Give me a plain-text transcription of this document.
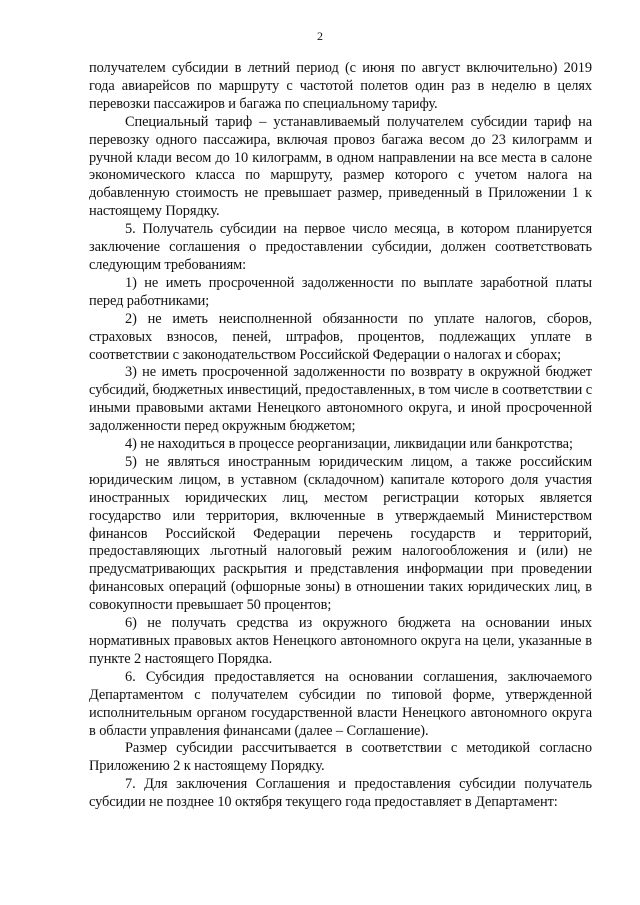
2

получателем субсидии в летний период (с июня по август включительно) 2019 года авиарейсов по маршруту с частотой полетов один раз в неделю в целях перевозки пассажиров и багажа по специальному тарифу.

Специальный тариф – устанавливаемый получателем субсидии тариф на перевозку одного пассажира, включая провоз багажа весом до 23 килограмм и ручной клади весом до 10 килограмм, в одном направлении на все места в салоне экономического класса по маршруту, размер которого с учетом налога на добавленную стоимость не превышает размер, приведенный в Приложении 1 к настоящему Порядку.

5. Получатель субсидии на первое число месяца, в котором планируется заключение соглашения о предоставлении субсидии, должен соответствовать следующим требованиям:

1) не иметь просроченной задолженности по выплате заработной платы перед работниками;

2) не иметь неисполненной обязанности по уплате налогов, сборов, страховых взносов, пеней, штрафов, процентов, подлежащих уплате в соответствии с законодательством Российской Федерации о налогах и сборах;

3) не иметь просроченной задолженности по возврату в окружной бюджет субсидий, бюджетных инвестиций, предоставленных, в том числе в соответствии с иными правовыми актами Ненецкого автономного округа, и иной просроченной задолженности перед окружным бюджетом;

4) не находиться в процессе реорганизации, ликвидации или банкротства;

5) не являться иностранным юридическим лицом, а также российским юридическим лицом, в уставном (складочном) капитале которого доля участия иностранных юридических лиц, местом регистрации которых является государство или территория, включенные в утверждаемый Министерством финансов Российской Федерации перечень государств и территорий, предоставляющих льготный налоговый режим налогообложения и (или) не предусматривающих раскрытия и представления информации при проведении финансовых операций (офшорные зоны) в отношении таких юридических лиц, в совокупности превышает 50 процентов;

6) не получать средства из окружного бюджета на основании иных нормативных правовых актов Ненецкого автономного округа на цели, указанные в пункте 2 настоящего Порядка.

6. Субсидия предоставляется на основании соглашения, заключаемого Департаментом с получателем субсидии по типовой форме, утвержденной исполнительным органом государственной власти Ненецкого автономного округа в области управления финансами (далее – Соглашение).

Размер субсидии рассчитывается в соответствии с методикой согласно Приложению 2 к настоящему Порядку.

7. Для заключения Соглашения и предоставления субсидии получатель субсидии не позднее 10 октября текущего года предоставляет в Департамент:
